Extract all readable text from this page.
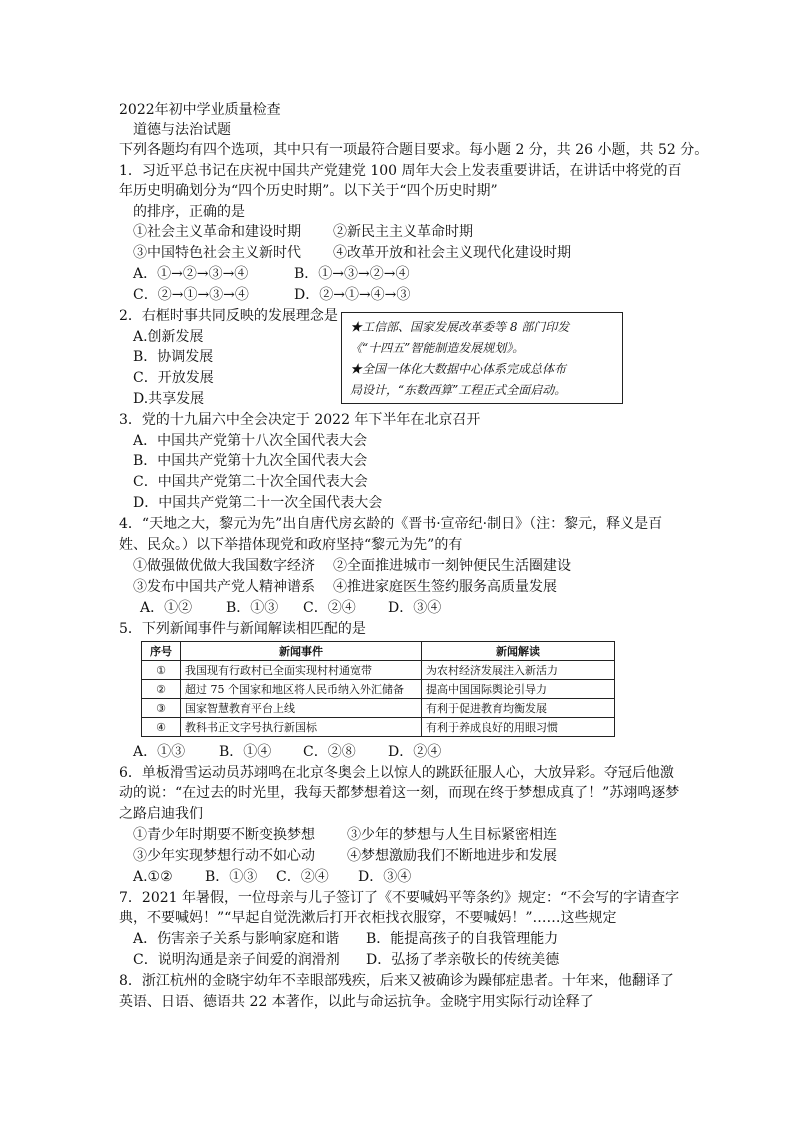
2022年初中学业质量检查
道德与法治试题
下列各题均有四个选项，其中只有一项最符合题目要求。每小题 2 分，共 26 小题，共 52 分。
1．习近平总书记在庆祝中国共产党建党 100 周年大会上发表重要讲话，在讲话中将党的百
年历史明确划分为“四个历史时期”。以下关于“四个历史时期”
的排序，正确的是
①社会主义革命和建设时期 ②新民主主义革命时期
③中国特色社会主义新时代 ④改革开放和社会主义现代化建设时期
A．①→②→③→④	B．①→③→②→④
C．②→①→③→④	D．②→①→④→③
2．右框时事共同反映的发展理念是
A.创新发展
B．协调发展
C．开放发展
D.共享发展
★工信部、国家发展改革委等 8 部门印发
《“十四五”智能制造发展规划》。
★全国一体化大数据中心体系完成总体布
局设计，“东数西算”工程正式全面启动。
3．党的十九届六中全会决定于 2022 年下半年在北京召开
A．中国共产党第十八次全国代表大会
B．中国共产党第十九次全国代表大会
C．中国共产党第二十次全国代表大会
D．中国共产党第二十一次全国代表大会
4．“天地之大，黎元为先”出自唐代房玄龄的《晋书·宣帝纪·制日》（注：黎元，释义是百
姓、民众。）以下举措体现党和政府坚持“黎元为先”的有
①做强做优做大我国数字经济 ②全面推进城市一刻钟便民生活圈建设
③发布中国共产党人精神谱系 ④推进家庭医生签约服务高质量发展
A．①② B．①③ C．②④ D．③④
5．下列新闻事件与新闻解读相匹配的是
序号	新闻事件	新闻解读
①	我国现有行政村已全面实现村村通宽带	为农村经济发展注入新活力
②	超过 75 个国家和地区将人民币纳入外汇储备	提高中国国际舆论引导力
③	国家智慧教育平台上线	有利于促进教育均衡发展
④	教科书正文字号执行新国标	有利于养成良好的用眼习惯
A．①③ B．①④ C．②⑧ D．②④
6．单板滑雪运动员苏翊鸣在北京冬奥会上以惊人的跳跃征服人心，大放异彩。夺冠后他激
动的说：“在过去的时光里，我每天都梦想着这一刻，而现在终于梦想成真了！”苏翊鸣逐梦
之路启迪我们
①青少年时期要不断变换梦想 ③少年的梦想与人生目标紧密相连
③少年实现梦想行动不如心动 ④梦想激励我们不断地进步和发展
A.①② B．①③ C．②④ D．③④
7．2021 年暑假，一位母亲与儿子签订了《不要喊妈平等条约》规定：“不会写的字请查字
典，不要喊妈！”“早起自觉洗漱后打开衣柜找衣服穿，不要喊妈！”……这些规定
A．伤害亲子关系与影响家庭和谐 B．能提高孩子的自我管理能力
C．说明沟通是亲子间爱的润滑剂 D．弘扬了孝亲敬长的传统美德
8．浙江杭州的金晓宇幼年不幸眼部残疾，后来又被确诊为躁郁症患者。十年来，他翻译了
英语、日语、德语共 22 本著作，以此与命运抗争。金晓宇用实际行动诠释了
